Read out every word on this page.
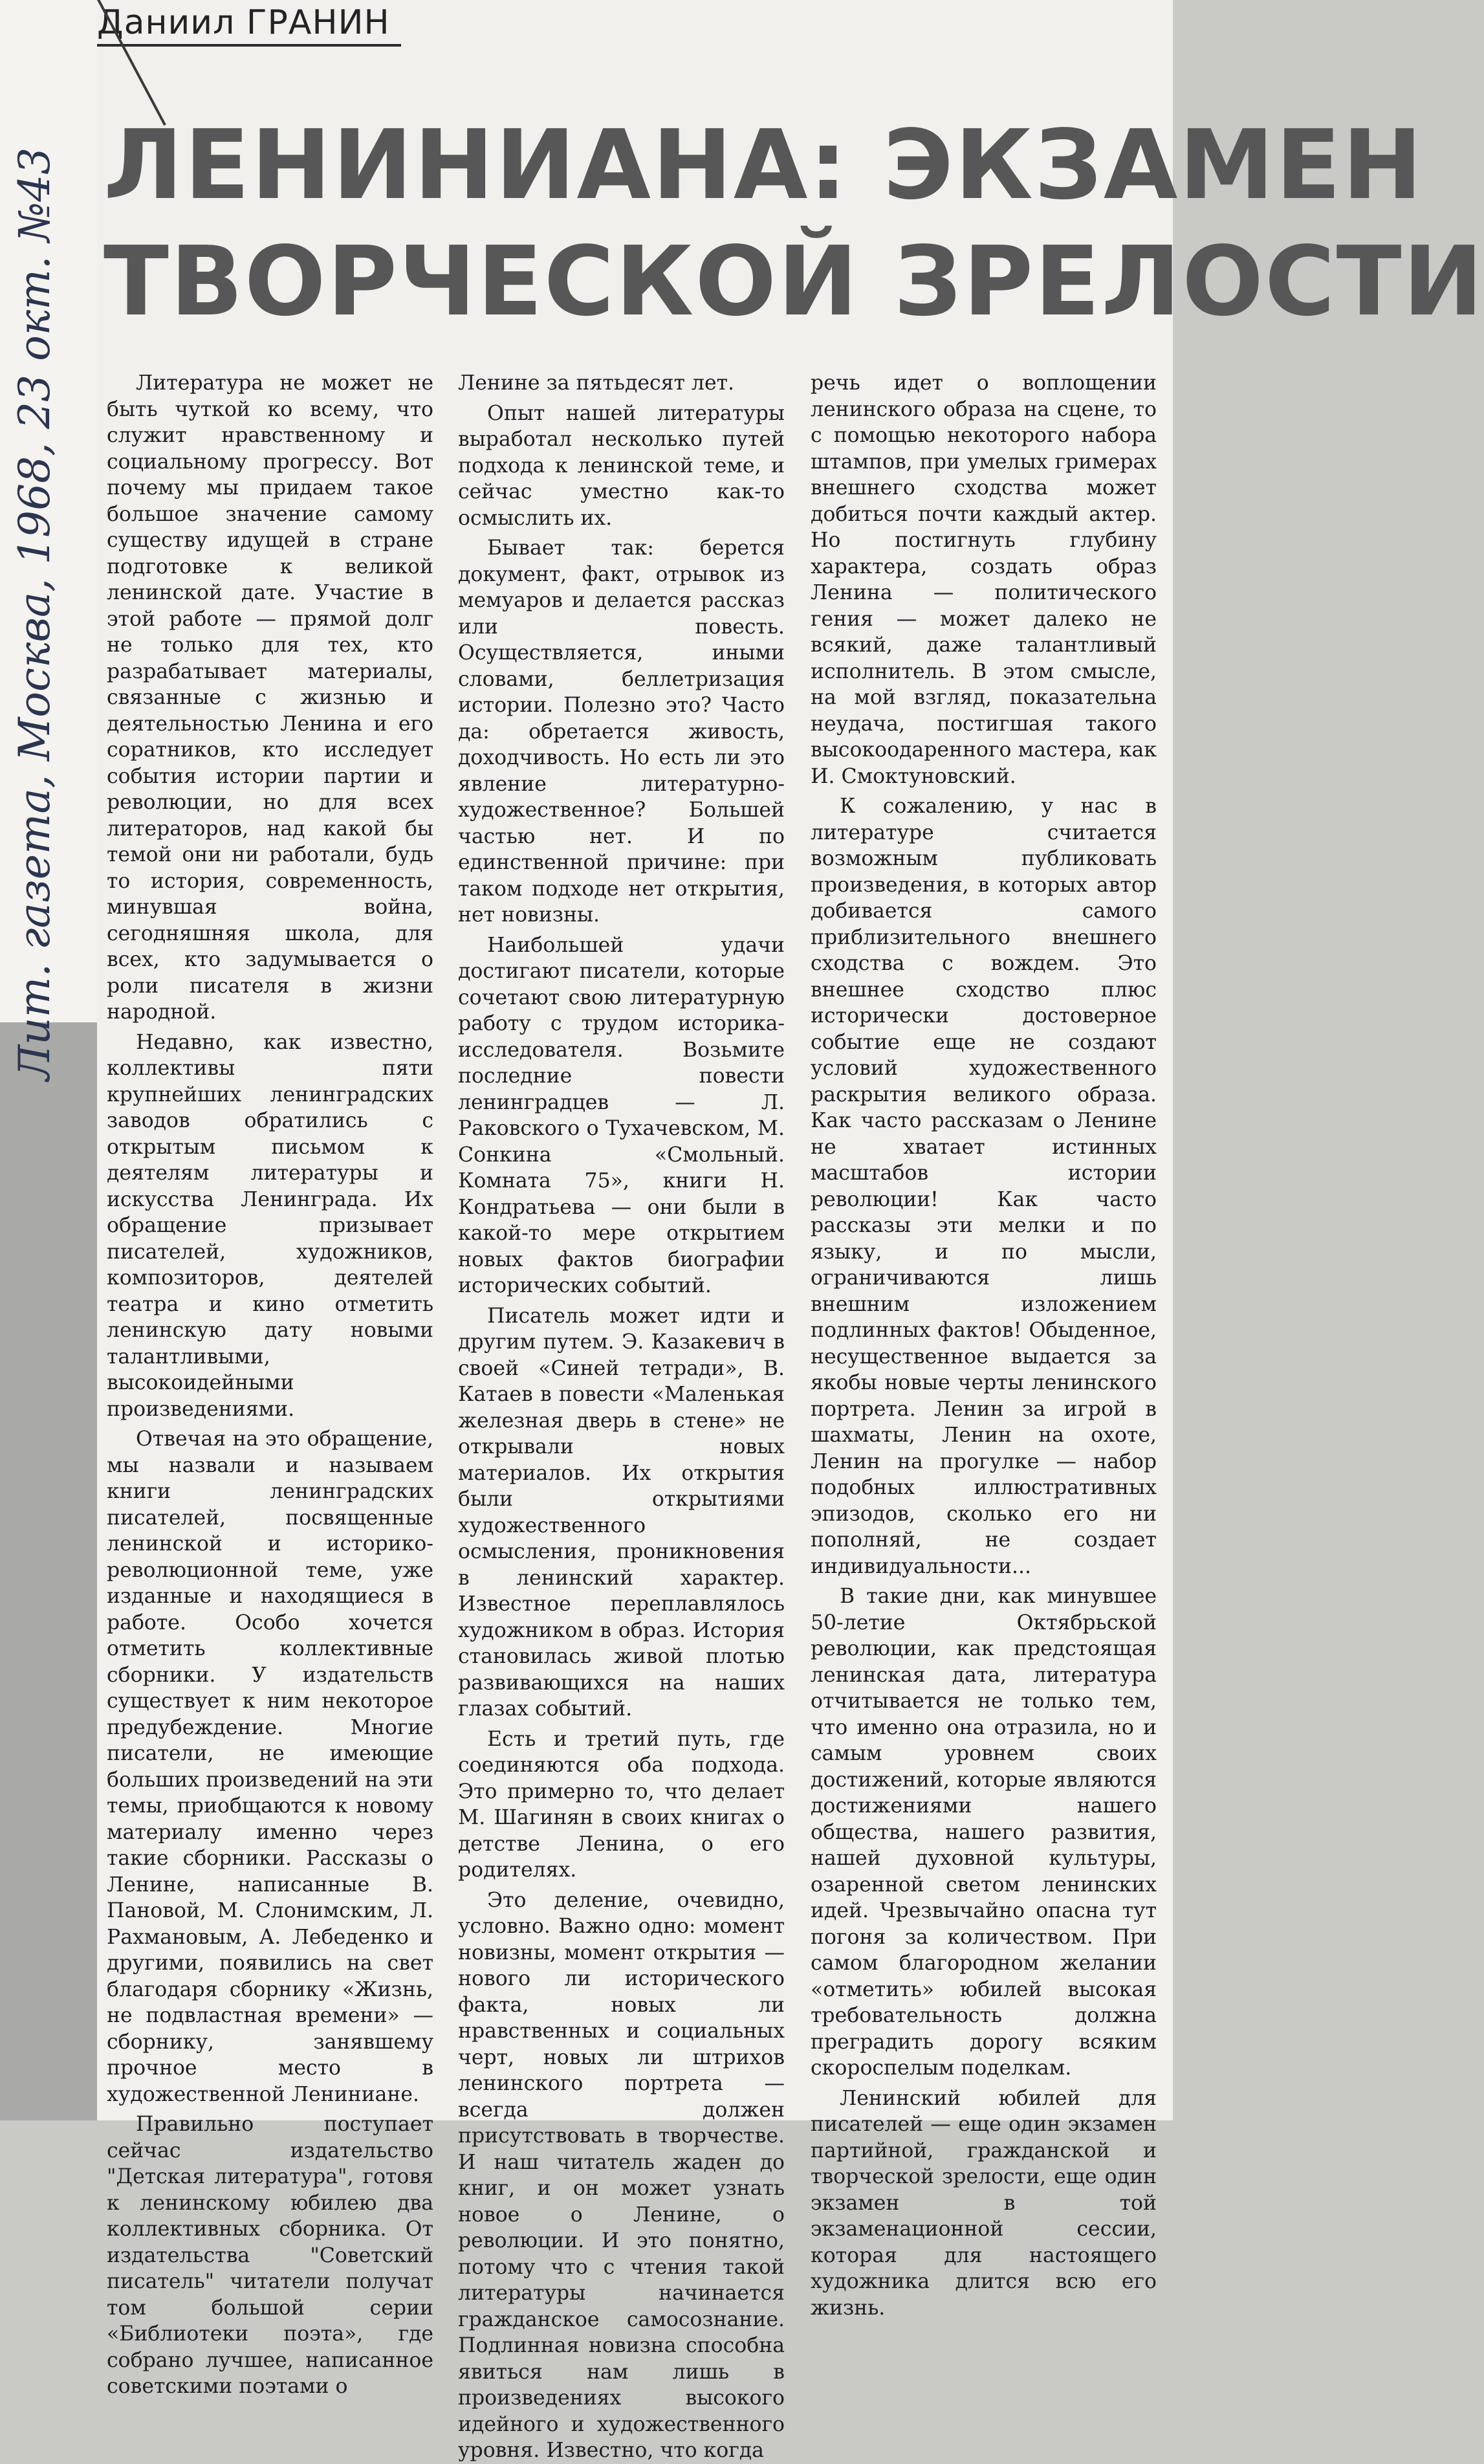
Даниил ГРАНИН
ЛЕНИНИАНА: ЭКЗАМЕН
ТВОРЧЕСКОЙ ЗРЕЛОСТИ
Лит. газета, Москва, 1968, 23 окт. №43	Литература не может не быть чуткой ко всему, что служит нравственному и социальному прогрессу. Вот почему мы придаем такое большое значение самому существу идущей в стране подготовке к великой ленинской дате. Участие в этой работе — прямой долг не только для тех, кто разрабатывает материалы, связанные с жизнью и деятельностью Ленина и его соратников, кто исследует события истории партии и революции, но для всех литераторов, над какой бы темой они ни работали, будь то история, современность, минувшая война, сегодняшняя школа, для всех, кто задумывается о роли писателя в жизни народной.

Недавно, как известно, коллективы пяти крупнейших ленинградских заводов обратились с открытым письмом к деятелям литературы и искусства Ленинграда. Их обращение призывает писателей, художников, композиторов, деятелей театра и кино отметить ленинскую дату новыми талантливыми, высокоидейными произведениями.

Отвечая на это обращение, мы назвали и называем книги ленинградских писателей, посвященные ленинской и историко-революционной теме, уже изданные и находящиеся в работе. Особо хочется отметить коллективные сборники. У издательств существует к ним некоторое предубеждение. Многие писатели, не имеющие больших произведений на эти темы, приобщаются к новому материалу именно через такие сборники. Рассказы о Ленине, написанные В. Пановой, М. Слонимским, Л. Рахмановым, А. Лебеденко и другими, появились на свет благодаря сборнику «Жизнь, не подвластная времени» — сборнику, занявшему прочное место в художественной Лениниане.

Правильно поступает сейчас издательство "Детская литература", готовя к ленинскому юбилею два коллективных сборника. От издательства "Советский писатель" читатели получат том большой серии «Библиотеки поэта», где собрано лучшее, написанное советскими поэтами о

Ленине за пятьдесят лет.

Опыт нашей литературы выработал несколько путей подхода к ленинской теме, и сейчас уместно как-то осмыслить их.

Бывает так: берется документ, факт, отрывок из мемуаров и делается рассказ или повесть. Осуществляется, иными словами, беллетризация истории. Полезно это? Часто да: обретается живость, доходчивость. Но есть ли это явление литературно-художественное? Большей частью нет. И по единственной причине: при таком подходе нет открытия, нет новизны.

Наибольшей удачи достигают писатели, которые сочетают свою литературную работу с трудом историка-исследователя. Возьмите последние повести ленинградцев — Л. Раковского о Тухачевском, М. Сонкина «Смольный. Комната 75», книги Н. Кондратьева — они были в какой-то мере открытием новых фактов биографии исторических событий.

Писатель может идти и другим путем. Э. Казакевич в своей «Синей тетради», В. Катаев в повести «Маленькая железная дверь в стене» не открывали новых материалов. Их открытия были открытиями художественного осмысления, проникновения в ленинский характер. Известное переплавлялось художником в образ. История становилась живой плотью развивающихся на наших глазах событий.

Есть и третий путь, где соединяются оба подхода. Это примерно то, что делает М. Шагинян в своих книгах о детстве Ленина, о его родителях.

Это деление, очевидно, условно. Важно одно: момент новизны, момент открытия — нового ли исторического факта, новых ли нравственных и социальных черт, новых ли штрихов ленинского портрета — всегда должен присутствовать в творчестве. И наш читатель жаден до книг, и он может узнать новое о Ленине, о революции. И это понятно, потому что с чтения такой литературы начинается гражданское самосознание. Подлинная новизна способна явиться нам лишь в произведениях высокого идейного и художественного уровня. Известно, что когда

речь идет о воплощении ленинского образа на сцене, то с помощью некоторого набора штампов, при умелых гримерах внешнего сходства может добиться почти каждый актер. Но постигнуть глубину характера, создать образ Ленина — политического гения — может далеко не всякий, даже талантливый исполнитель. В этом смысле, на мой взгляд, показательна неудача, постигшая такого высокоодаренного мастера, как И. Смоктуновский.

К сожалению, у нас в литературе считается возможным публиковать произведения, в которых автор добивается самого приблизительного внешнего сходства с вождем. Это внешнее сходство плюс исторически достоверное событие еще не создают условий художественного раскрытия великого образа. Как часто рассказам о Ленине не хватает истинных масштабов истории революции! Как часто рассказы эти мелки и по языку, и по мысли, ограничиваются лишь внешним изложением подлинных фактов! Обыденное, несущественное выдается за якобы новые черты ленинского портрета. Ленин за игрой в шахматы, Ленин на охоте, Ленин на прогулке — набор подобных иллюстративных эпизодов, сколько его ни пополняй, не создает индивидуальности...

В такие дни, как минувшее 50-летие Октябрьской революции, как предстоящая ленинская дата, литература отчитывается не только тем, что именно она отразила, но и самым уровнем своих достижений, которые являются достижениями нашего общества, нашего развития, нашей духовной культуры, озаренной светом ленинских идей. Чрезвычайно опасна тут погоня за количеством. При самом благородном желании «отметить» юбилей высокая требовательность должна преградить дорогу всяким скороспелым поделкам.

Ленинский юбилей для писателей — еще один экзамен партийной, гражданской и творческой зрелости, еще один экзамен в той экзаменационной сессии, которая для настоящего художника длится всю его жизнь.
